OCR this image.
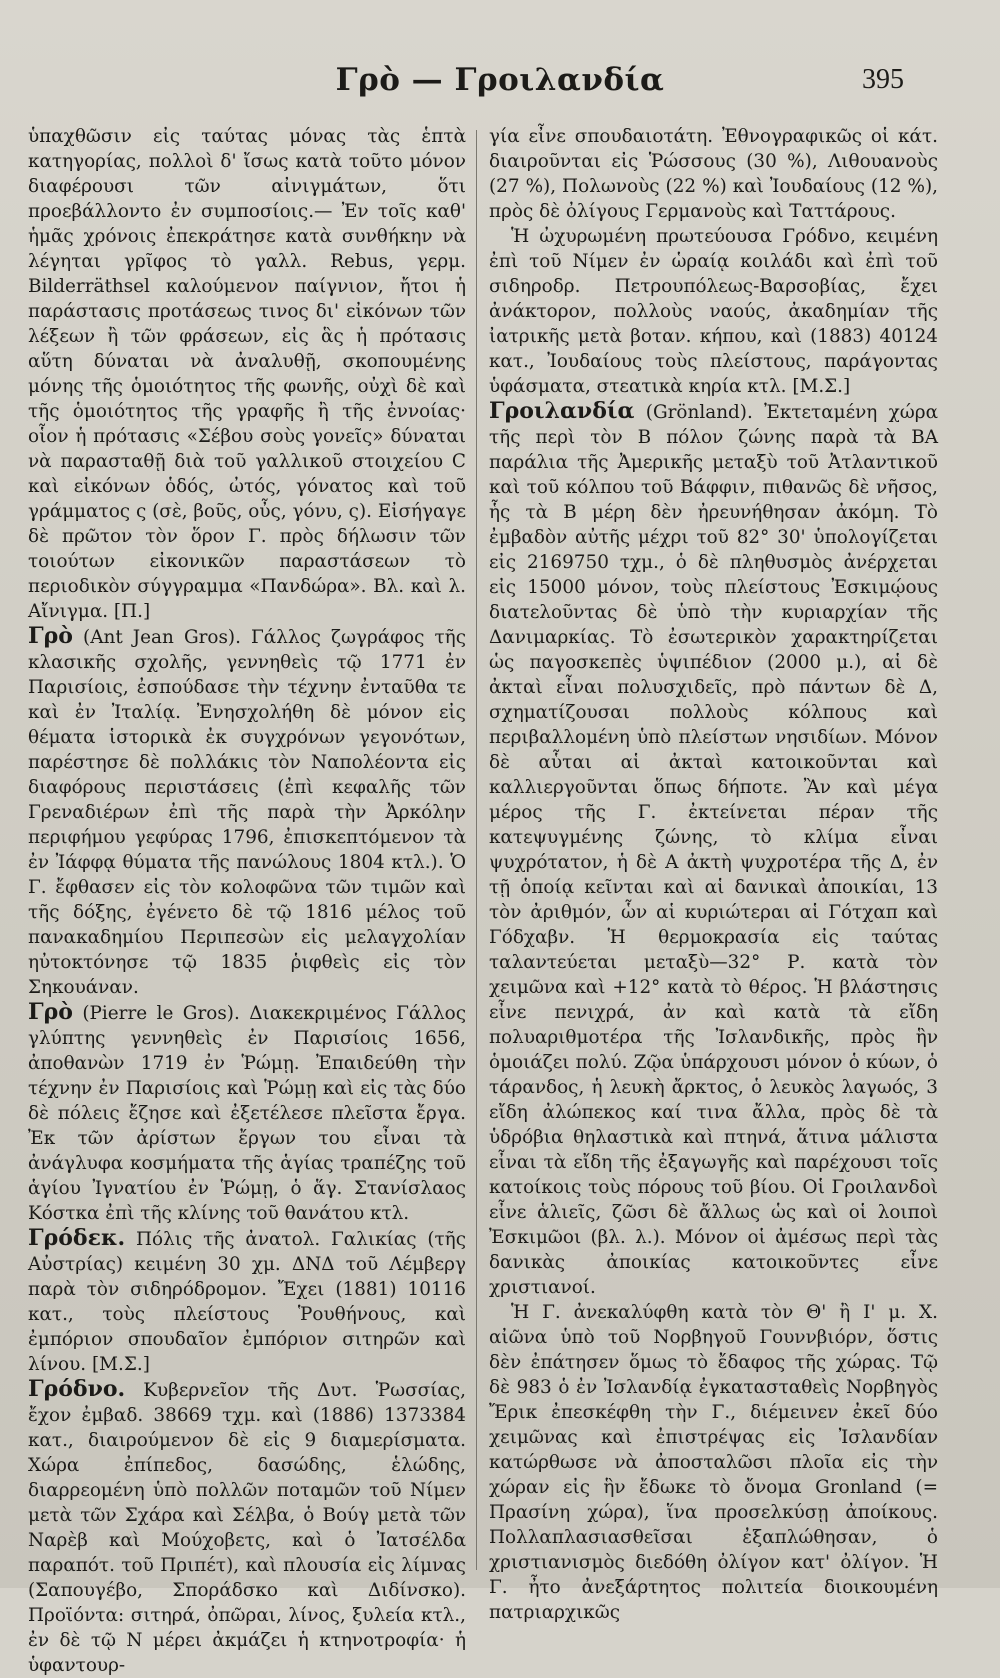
Γρὸ — Γροιλανδία	395

ὑπαχθῶσιν εἰς ταύτας μόνας τὰς ἑπτὰ κατηγορίας, πολλοὶ δ' ἴσως κατὰ τοῦτο μόνον διαφέρουσι τῶν αἰνιγμάτων, ὅτι προεβάλλοντο ἐν συμποσίοις.— Ἐν τοῖς καθ' ἡμᾶς χρόνοις ἐπεκράτησε κατὰ συνθήκην νὰ λέγηται γρῖφος τὸ γαλλ. Rebus, γερμ. Bilderräthsel καλούμενον παίγνιον, ἤτοι ἡ παράστασις προτάσεως τινος δι' εἰκόνων τῶν λέξεων ἢ τῶν φράσεων, εἰς ἃς ἡ πρότασις αὕτη δύναται νὰ ἀναλυθῇ, σκοπουμένης μόνης τῆς ὁμοιότητος τῆς φωνῆς, οὐχὶ δὲ καὶ τῆς ὁμοιότητος τῆς γραφῆς ἢ τῆς ἐννοίας· οἷον ἡ πρότασις «Σέβου σοὺς γονεῖς» δύναται νὰ παρασταθῇ διὰ τοῦ γαλλικοῦ στοιχείου C καὶ εἰκόνων ὁδός, ὠτός, γόνατος καὶ τοῦ γράμματος ς (σὲ, βοῦς, οὖς, γόνυ, ς). Εἰσήγαγε δὲ πρῶτον τὸν ὅρον Γ. πρὸς δήλωσιν τῶν τοιούτων εἰκονικῶν παραστάσεων τὸ περιοδικὸν σύγγραμμα «Πανδώρα». Βλ. καὶ λ. Αἴνιγμα. [Π.]

Γρὸ (Ant Jean Gros). Γάλλος ζωγράφος τῆς κλασικῆς σχολῆς, γεννηθεὶς τῷ 1771 ἐν Παρισίοις, ἐσπούδασε τὴν τέχνην ἐνταῦθα τε καὶ ἐν Ἰταλίᾳ. Ἐνησχολήθη δὲ μόνον εἰς θέματα ἱστορικὰ ἐκ συγχρόνων γεγονότων, παρέστησε δὲ πολλάκις τὸν Ναπολέοντα εἰς διαφόρους περιστάσεις (ἐπὶ κεφαλῆς τῶν Γρεναδιέρων ἐπὶ τῆς παρὰ τὴν Ἀρκόλην περιφήμου γεφύρας 1796, ἐπισκεπτόμενον τὰ ἐν Ἰάφφᾳ θύματα τῆς πανώλους 1804 κτλ.). Ὁ Γ. ἔφθασεν εἰς τὸν κολοφῶνα τῶν τιμῶν καὶ τῆς δόξης, ἐγένετο δὲ τῷ 1816 μέλος τοῦ πανακαδημίου Περιπεσὼν εἰς μελαγχολίαν ηὐτοκτόνησε τῷ 1835 ῥιφθεὶς εἰς τὸν Σηκουάναν.

Γρὸ (Pierre le Gros). Διακεκριμένος Γάλλος γλύπτης γεννηθεὶς ἐν Παρισίοις 1656, ἀποθανὼν 1719 ἐν Ῥώμῃ. Ἐπαιδεύθη τὴν τέχνην ἐν Παρισίοις καὶ Ῥώμῃ καὶ εἰς τὰς δύο δὲ πόλεις ἔζησε καὶ ἐξετέλεσε πλεῖστα ἔργα. Ἐκ τῶν ἀρίστων ἔργων του εἶναι τὰ ἀνάγλυφα κοσμήματα τῆς ἁγίας τραπέζης τοῦ ἁγίου Ἰγνατίου ἐν Ῥώμῃ, ὁ ἅγ. Στανίσλαος Κόστκα ἐπὶ τῆς κλίνης τοῦ θανάτου κτλ.

Γρόδεκ. Πόλις τῆς ἀνατολ. Γαλικίας (τῆς Αὐστρίας) κειμένη 30 χμ. ΔΝΔ τοῦ Λέμβεργ παρὰ τὸν σιδηρόδρομον. Ἔχει (1881) 10116 κατ., τοὺς πλείστους Ῥουθήνους, καὶ ἐμπόριον σπουδαῖον ἐμπόριον σιτηρῶν καὶ λίνου. [Μ.Σ.]

Γρόδνο. Κυβερνεῖον τῆς Δυτ. Ῥωσσίας, ἔχον ἐμβαδ. 38669 τχμ. καὶ (1886) 1373384 κατ., διαιρούμενον δὲ εἰς 9 διαμερίσματα. Χώρα ἐπίπεδος, δασώδης, ἑλώδης, διαρρεομένη ὑπὸ πολλῶν ποταμῶν τοῦ Νίμεν μετὰ τῶν Σχάρα καὶ Σέλβα, ὁ Βούγ μετὰ τῶν Ναρὲβ καὶ Μούχοβετς, καὶ ὁ Ἰατσέλδα παραπότ. τοῦ Πριπέτ), καὶ πλουσία εἰς λίμνας (Σαπουγέβο, Σποράδσκο καὶ Διδίνσκο). Προϊόντα: σιτηρά, ὀπῶραι, λίνος, ξυλεία κτλ., ἐν δὲ τῷ Ν μέρει ἀκμάζει ἡ κτηνοτροφία· ἡ ὑφαντουρ-

γία εἶνε σπουδαιοτάτη. Ἐθνογραφικῶς οἱ κάτ. διαιροῦνται εἰς Ῥώσσους (30 %), Λιθουανοὺς (27 %), Πολωνοὺς (22 %) καὶ Ἰουδαίους (12 %), πρὸς δὲ ὀλίγους Γερμανοὺς καὶ Ταττάρους.

Ἡ ὠχυρωμένη πρωτεύουσα Γρόδνο, κειμένη ἐπὶ τοῦ Νίμεν ἐν ὡραίᾳ κοιλάδι καὶ ἐπὶ τοῦ σιδηροδρ. Πετρουπόλεως-Βαρσοβίας, ἔχει ἀνάκτορον, πολλοὺς ναούς, ἀκαδημίαν τῆς ἰατρικῆς μετὰ βοταν. κήπου, καὶ (1883) 40124 κατ., Ἰουδαίους τοὺς πλείστους, παράγοντας ὑφάσματα, στεατικὰ κηρία κτλ. [Μ.Σ.]

Γροιλανδία (Grönland). Ἐκτεταμένη χώρα τῆς περὶ τὸν Β πόλον ζώνης παρὰ τὰ ΒΑ παράλια τῆς Ἀμερικῆς μεταξὺ τοῦ Ἀτλαντικοῦ καὶ τοῦ κόλπου τοῦ Βάφφιν, πιθανῶς δὲ νῆσος, ἧς τὰ Β μέρη δὲν ἠρευνήθησαν ἀκόμη. Τὸ ἐμβαδὸν αὐτῆς μέχρι τοῦ 82° 30' ὑπολογίζεται εἰς 2169750 τχμ., ὁ δὲ πληθυσμὸς ἀνέρχεται εἰς 15000 μόνον, τοὺς πλείστους Ἐσκιμῴους διατελοῦντας δὲ ὑπὸ τὴν κυριαρχίαν τῆς Δανιμαρκίας. Τὸ ἐσωτερικὸν χαρακτηρίζεται ὡς παγοσκεπὲς ὑψιπέδιον (2000 μ.), αἱ δὲ ἀκταὶ εἶναι πολυσχιδεῖς, πρὸ πάντων δὲ Δ, σχηματίζουσαι πολλοὺς κόλπους καὶ περιβαλλομένη ὑπὸ πλείστων νησιδίων. Μόνον δὲ αὗται αἱ ἀκταὶ κατοικοῦνται καὶ καλλιεργοῦνται ὅπως δήποτε. Ἂν καὶ μέγα μέρος τῆς Γ. ἐκτείνεται πέραν τῆς κατεψυγμένης ζώνης, τὸ κλίμα εἶναι ψυχρότατον, ἡ δὲ Α ἀκτὴ ψυχροτέρα τῆς Δ, ἐν τῇ ὁποίᾳ κεῖνται καὶ αἱ δανικαὶ ἀποικίαι, 13 τὸν ἀριθμόν, ὧν αἱ κυριώτεραι αἱ Γότχαπ καὶ Γόδχαβν. Ἡ θερμοκρασία εἰς ταύτας ταλαντεύεται μεταξὺ—32° Ρ. κατὰ τὸν χειμῶνα καὶ +12° κατὰ τὸ θέρος. Ἡ βλάστησις εἶνε πενιχρά, ἀν καὶ κατὰ τὰ εἴδη πολυαριθμοτέρα τῆς Ἰσλανδικῆς, πρὸς ἣν ὁμοιάζει πολύ. Ζῷα ὑπάρχουσι μόνον ὁ κύων, ὁ τάρανδος, ἡ λευκὴ ἄρκτος, ὁ λευκὸς λαγωός, 3 εἴδη ἀλώπεκος καί τινα ἄλλα, πρὸς δὲ τὰ ὑδρόβια θηλαστικὰ καὶ πτηνά, ἅτινα μάλιστα εἶναι τὰ εἴδη τῆς ἐξαγωγῆς καὶ παρέχουσι τοῖς κατοίκοις τοὺς πόρους τοῦ βίου. Οἱ Γροιλανδοὶ εἶνε ἁλιεῖς, ζῶσι δὲ ἄλλως ὡς καὶ οἱ λοιποὶ Ἐσκιμῶοι (βλ. λ.). Μόνον οἱ ἀμέσως περὶ τὰς δανικὰς ἀποικίας κατοικοῦντες εἶνε χριστιανοί.

Ἡ Γ. ἀνεκαλύφθη κατὰ τὸν Θ' ἢ Ι' μ. Χ. αἰῶνα ὑπὸ τοῦ Νορβηγοῦ Γουννβιόρν, ὅστις δὲν ἐπάτησεν ὅμως τὸ ἔδαφος τῆς χώρας. Τῷ δὲ 983 ὁ ἐν Ἰσλανδίᾳ ἐγκατασταθεὶς Νορβηγὸς Ἔρικ ἐπεσκέφθη τὴν Γ., διέμεινεν ἐκεῖ δύο χειμῶνας καὶ ἐπιστρέψας εἰς Ἰσλανδίαν κατώρθωσε νὰ ἀποσταλῶσι πλοῖα εἰς τὴν χώραν εἰς ἣν ἔδωκε τὸ ὄνομα Gronland (= Πρασίνη χώρα), ἵνα προσελκύσῃ ἀποίκους. Πολλαπλασιασθεῖσαι ἐξαπλώθησαν, ὁ χριστιανισμὸς διεδόθη ὀλίγον κατ' ὀλίγον. Ἡ Γ. ἦτο ἀνεξάρτητος πολιτεία διοικουμένη πατριαρχικῶς
